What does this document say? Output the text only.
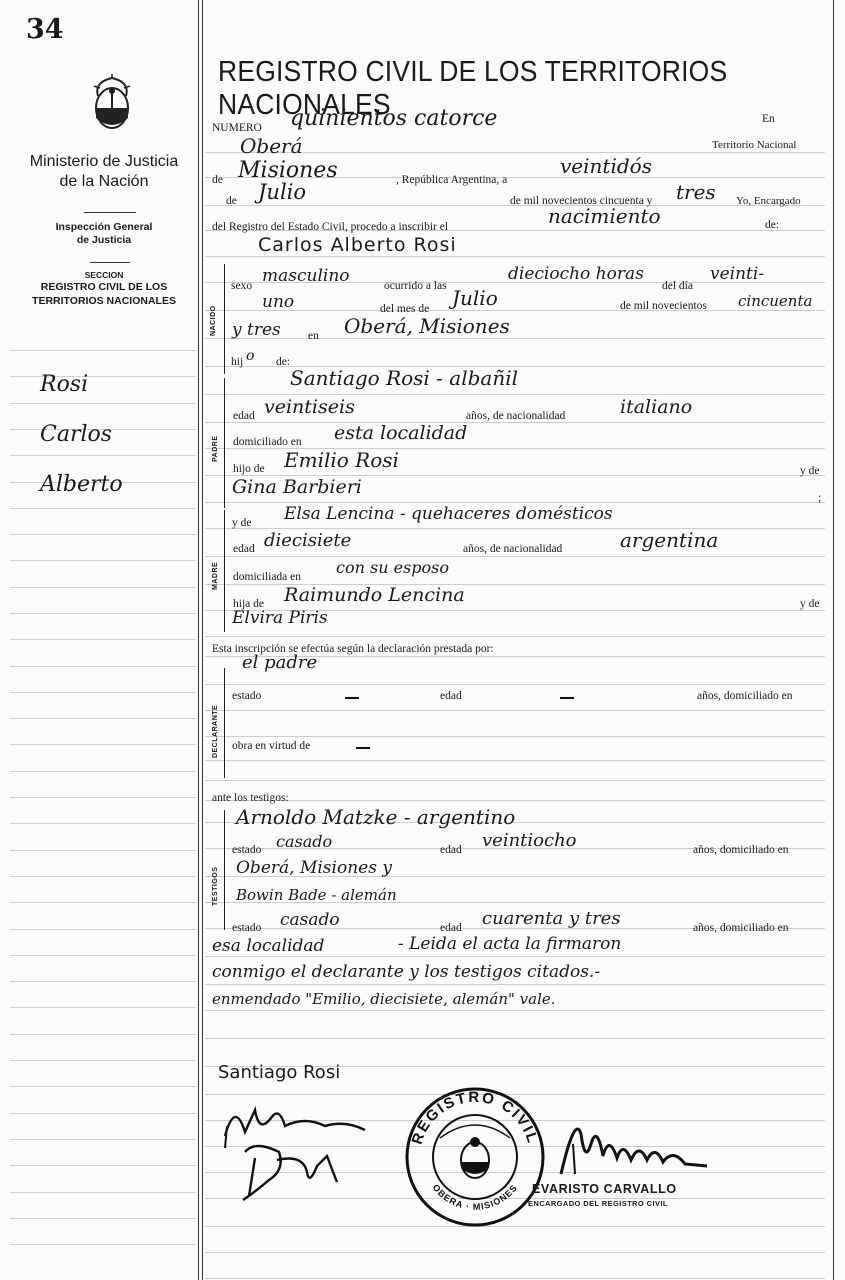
34
Ministerio de Justicia
de la Nación
Inspección General
de Justicia
SECCION
REGISTRO CIVIL DE LOS
TERRITORIOS NACIONALES
Rosi
Carlos
Alberto
REGISTRO CIVIL DE LOS TERRITORIOS NACIONALES
NUMERO quinientos catorce	En
Oberá	Territorio Nacional
de Misiones	, República Argentina, a
veintidós
de Julio	de mil novecientos cincuenta y tres Yo, Encargado
del Registro del Estado Civil, procedo a inscribir el	nacimiento	de:
Carlos Alberto Rosi
NACIDO
sexo masculino	ocurrido a las
dieciocho horas
del día
veinti-
uno	del mes de Julio	de mil novecientos cincuenta
y tres en Oberá, Misiones
hij o de:
PADRE
Santiago Rosi - albañil
edad veintiseis	años, de nacionalidad	italiano
domiciliado en esta localidad
hijo de Emilio Rosi	y de
Gina Barbieri	;
MADRE
y de Elsa Lencina - quehaceres domésticos
edad diecisiete	años, de nacionalidad	argentina
domiciliada en con su esposo
hija de Raimundo Lencina	y de
Elvira Piris
Esta inscripción se efectúa según la declaración prestada por:
el padre
DECLARANTE
estado	edad	años, domiciliado en
obra en virtud de
ante los testigos:
TESTIGOS
Arnoldo Matzke - argentino
estado casado	edad veintiocho	años, domiciliado en
Oberá, Misiones y
Bowin Bade - alemán
estado casado	edad cuarenta y tres	años, domiciliado en
esa localidad	- Leida el acta la firmaron
conmigo el declarante y los testigos citados.-
enmendado "Emilio, diecisiete, alemán" vale.
Santiago Rosi
REGISTRO CIVIL
OBERA · MISIONES EVARISTO CARVALLO
ENCARGADO DEL REGISTRO CIVIL
